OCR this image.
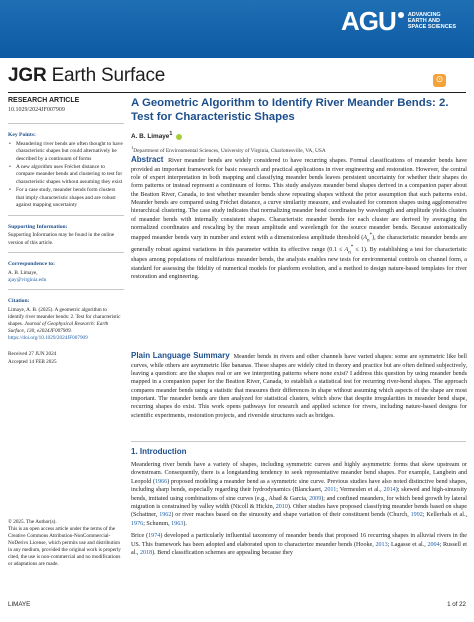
AGU	ADVANCING
EARTH AND
SPACE SCIENCES
JGR Earth Surface	⊙
RESEARCH ARTICLE
10.1029/2024JF007909
Key Points:
• Meandering river bends are often thought to have characteristic shapes but could alternatively be described by a continuum of forms
• A new algorithm uses Fréchet distance to compare meander bends and clustering to test for characteristic shapes without assuming they exist
• For a case study, meander bends form clusters that imply characteristic shapes and are robust against mapping uncertainty
Supporting Information:
Supporting Information may be found in the online version of this article.
Correspondence to:
A. B. Limaye,
ajay@virginia.edu
Citation:
Limaye, A. B. (2025). A geometric algorithm to identify river meander bends: 2. Test for characteristic shapes. Journal of Geophysical Research: Earth Surface, 130, e2024JF007909. https://doi.org/10.1029/2024JF007909
Received 27 JUN 2024
Accepted 14 FEB 2025
© 2025. The Author(s).
This is an open access article under the terms of the Creative Commons Attribution-NonCommercial-NoDerivs License, which permits use and distribution in any medium, provided the original work is properly cited, the use is non-commercial and no modifications or adaptations are made.
A Geometric Algorithm to Identify River Meander Bends: 2. Test for Characteristic Shapes
A. B. Limaye$^1$
$^1$Department of Environmental Sciences, University of Virginia, Charlottesville, VA, USA
Abstract River meander bends are widely considered to have recurring shapes. Formal classifications of meander bends have provided an important framework for basic research and practical applications in river engineering and restoration. However, the central role of expert interpretation in both mapping and classifying meander bends leaves persistent uncertainty for whether their shapes do form patterns or instead represent a continuum of forms. This study analyzes meander bend shapes derived in a companion paper about the Beatton River, Canada, to test whether meander bends show repeating shapes without the prior assumption that such patterns exist. Meander bends are compared using Fréchet distance, a curve similarity measure, and evaluated for common shapes using agglomerative hierarchical clustering. The case study indicates that normalizing meander bend coordinates by wavelength and amplitude yields clusters of meander bends with internally consistent shapes. Characteristic meander bends for each cluster are derived by averaging the normalized coordinates and rescaling by the mean amplitude and wavelength for the source meander bends. Because automatically mapped meander bends vary in number and extent with a dimensionless amplitude threshold $(A_n^*)$, the characteristic meander bends are generally robust against variations in this parameter within its effective range $(0.1 \le A_n^* \le 1)$. By establishing a test for characteristic shapes among populations of multifarious meander bends, the analysis enables new tests for environmental controls on channel form, a standard for assessing the fidelity of numerical models for planform evolution, and a method to design nature-based templates for river restoration and engineering.
Plain Language Summary Meander bends in rivers and other channels have varied shapes: some are symmetric like bell curves, while others are asymmetric like bananas. These shapes are widely cited in theory and practice but are often defined subjectively, leaving a question: are the shapes real or are we interpreting patterns where none exist? I address this question by using meander bends mapped in a companion paper for the Beatton River, Canada, to establish a statistical test for recurring river-bend shapes. The approach compares meander bends using a statistic that measures their differences in shape without assuming which aspects of the shape are most important. The meander bends are then analyzed for statistical clusters, which show that despite irregularities in meander bend shape, recurring shapes do exist. This work opens pathways for research and applied science for rivers, including nature-based designs for scientific experiments, restoration projects, and riverside structures such as bridges.
1. Introduction

Meandering river bends have a variety of shapes, including symmetric curves and highly asymmetric forms that skew upstream or downstream. Consequently, there is a longstanding tendency to seek representative meander bend shapes. For example, Langbein and Leopold (1966) proposed modeling a meander bend as a symmetric sine curve. Previous studies have also noted distinctive bend shapes, including sharp bends, especially regarding their hydrodynamics (Blanckaert, 2011; Vermeulen et al., 2014); skewed and high-sinuosity bends, imitated using combinations of sine curves (e.g., Abad & Garcia, 2009); and confined meanders, for which bend growth by lateral migration is constrained by valley width (Nicoll & Hickin, 2010). Other studies have proposed classifying meander bends based on shape (Schattner, 1962) or river reaches based on the sinuosity and shape variation of their constituent bends (Church, 1992; Kellerhals et al., 1976; Schumm, 1963).

Brice (1974) developed a particularly influential taxonomy of meander bends that proposed 16 recurring shapes in alluvial rivers in the US. This framework has been adopted and elaborated upon to characterize meander bends (Hooke, 2013; Lagasse et al., 2004; Russell et al., 2018). Bend classification schemes are appealing because they

LIMAYE	1 of 22
